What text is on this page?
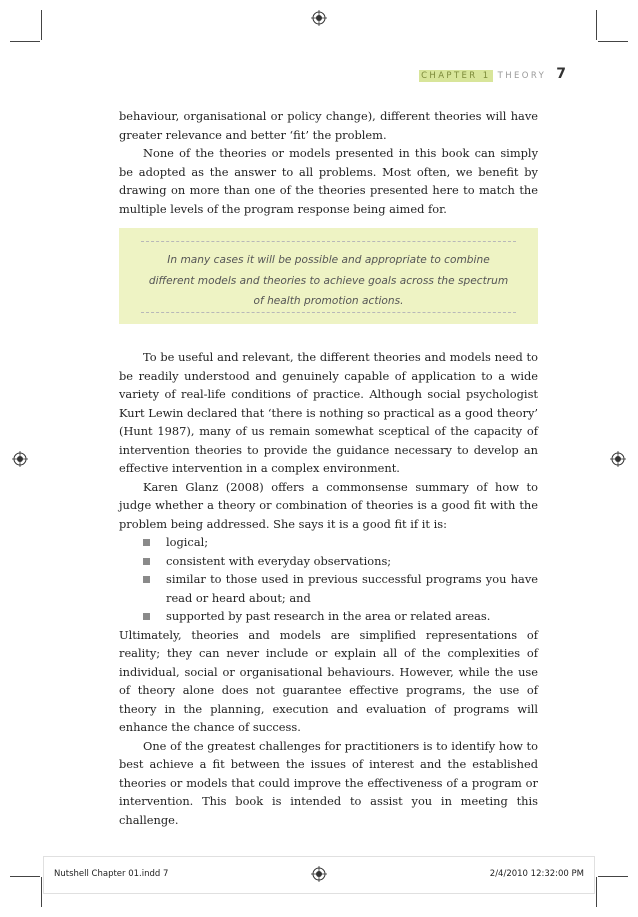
CHAPTER 1 THEORY 7

behaviour, organisational or policy change), different theories will have greater relevance and better ‘fit’ the problem.

None of the theories or models presented in this book can simply be adopted as the answer to all problems. Most often, we benefit by drawing on more than one of the theories presented here to match the multiple levels of the program response being aimed for.

In many cases it will be possible and appropriate to combine different models and theories to achieve goals across the spectrum of health promotion actions.

To be useful and relevant, the different theories and models need to be readily understood and genuinely capable of application to a wide variety of real-life conditions of practice. Although social psychologist Kurt Lewin declared that ‘there is nothing so practical as a good theory’ (Hunt 1987), many of us remain somewhat sceptical of the capacity of intervention theories to provide the guidance necessary to develop an effective intervention in a complex environment.

Karen Glanz (2008) offers a commonsense summary of how to judge whether a theory or combination of theories is a good fit with the problem being addressed. She says it is a good fit if it is:

logical;
consistent with everyday observations;
similar to those used in previous successful programs you have read or heard about; and
supported by past research in the area or related areas.

Ultimately, theories and models are simplified representations of reality; they can never include or explain all of the complexities of individual, social or organisational behaviours. However, while the use of theory alone does not guarantee effective programs, the use of theory in the planning, execution and evaluation of programs will enhance the chance of success.

One of the greatest challenges for practitioners is to identify how to best achieve a fit between the issues of interest and the established theories or models that could improve the effectiveness of a program or intervention. This book is intended to assist you in meeting this challenge.

Nutshell Chapter 01.indd 7	2/4/2010 12:32:00 PM
